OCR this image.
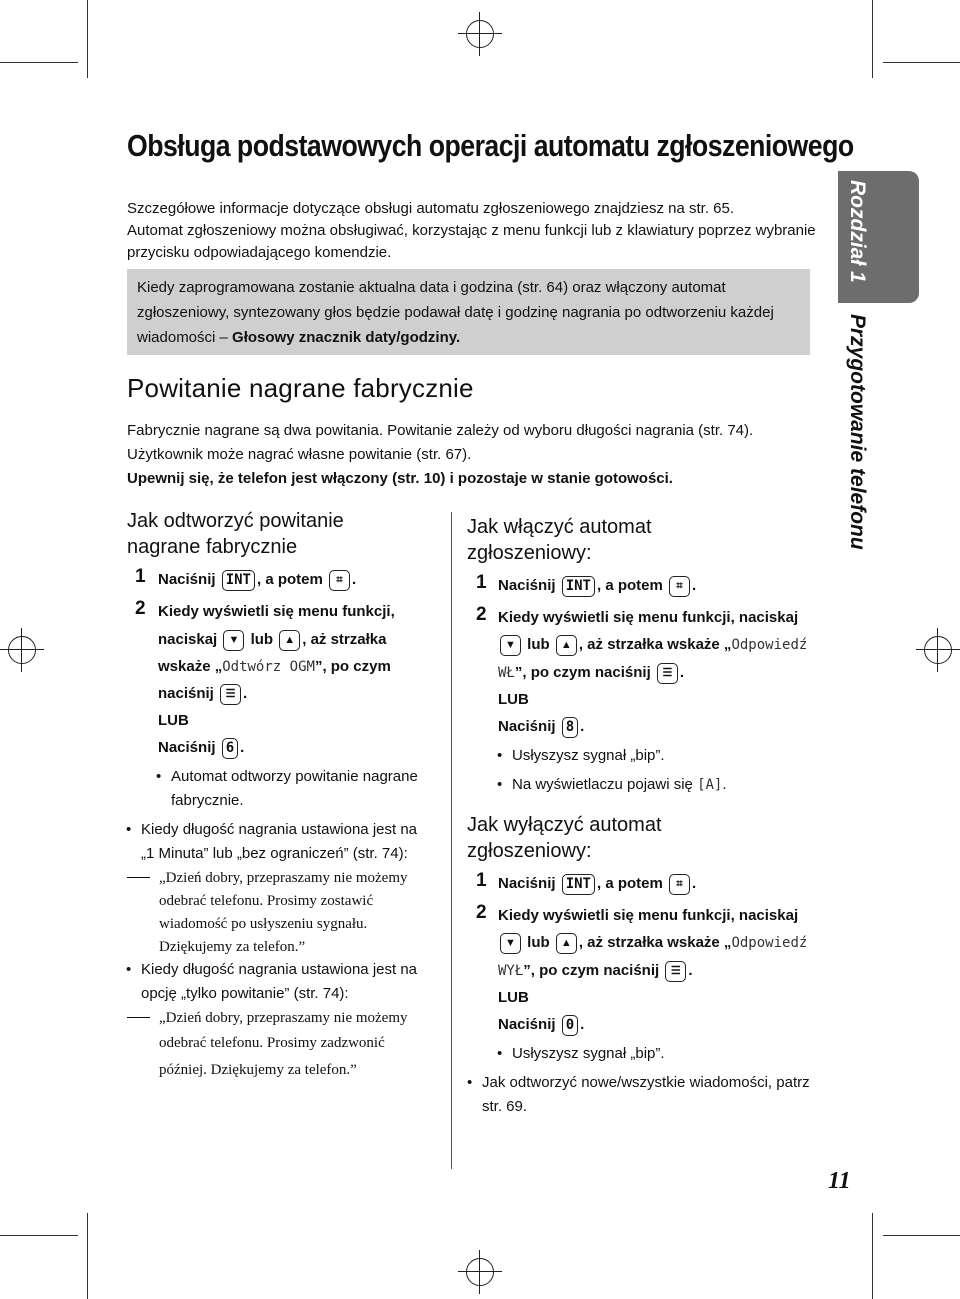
Obsługa podstawowych operacji automatu zgłoszeniowego

Szczegółowe informacje dotyczące obsługi automatu zgłoszeniowego znajdziesz na str. 65.

Automat zgłoszeniowy można obsługiwać, korzystając z menu funkcji lub z klawiatury poprzez wybranie

przycisku odpowiadającego komendzie.

Kiedy zaprogramowana zostanie aktualna data i godzina (str. 64) oraz włączony automat
zgłoszeniowy, syntezowany głos będzie podawał datę i godzinę nagrania po odtworzeniu każdej
wiadomości – Głosowy znacznik daty/godziny.

Powitanie nagrane fabrycznie

Fabrycznie nagrane są dwa powitania. Powitanie zależy od wyboru długości nagrania (str. 74).

Użytkownik może nagrać własne powitanie (str. 67).

Upewnij się, że telefon jest włączony (str. 10) i pozostaje w stanie gotowości.

Jak odtworzyć powitanie
nagrane fabrycznie
1 Naciśnij INT , a potem ⌗ .
2 Kiedy wyświetli się menu funkcji,
naciskaj ▼ lub ▲ , aż strzałka
wskaże „Odtwórz OGM”, po czym
naciśnij ☰ .
LUB
Naciśnij 6 .
• Automat odtworzy powitanie nagrane
fabrycznie.
• Kiedy długość nagrania ustawiona jest na
„1 Minuta” lub „bez ograniczeń” (str. 74):
„Dzień dobry, przepraszamy nie możemy
odebrać telefonu. Prosimy zostawić
wiadomość po usłyszeniu sygnału.
Dziękujemy za telefon.”
• Kiedy długość nagrania ustawiona jest na
opcję „tylko powitanie” (str. 74):
„Dzień dobry, przepraszamy nie możemy
odebrać telefonu. Prosimy zadzwonić
później. Dziękujemy za telefon.”
Jak włączyć automat
zgłoszeniowy:
1 Naciśnij INT , a potem ⌗ .
2 Kiedy wyświetli się menu funkcji, naciskaj
▼ lub ▲ , aż strzałka wskaże „Odpowiedź
WŁ”, po czym naciśnij ☰ .
LUB
Naciśnij 8 .
• Usłyszysz sygnał „bip”.
• Na wyświetlaczu pojawi się [A].
Jak wyłączyć automat
zgłoszeniowy:
1 Naciśnij INT , a potem ⌗ .
2 Kiedy wyświetli się menu funkcji, naciskaj
▼ lub ▲ , aż strzałka wskaże „Odpowiedź
WYŁ”, po czym naciśnij ☰ .
LUB
Naciśnij 0 .
• Usłyszysz sygnał „bip”.
• Jak odtworzyć nowe/wszystkie wiadomości, patrz
str. 69.
Rozdział 1
Przygotowanie telefonu
11
